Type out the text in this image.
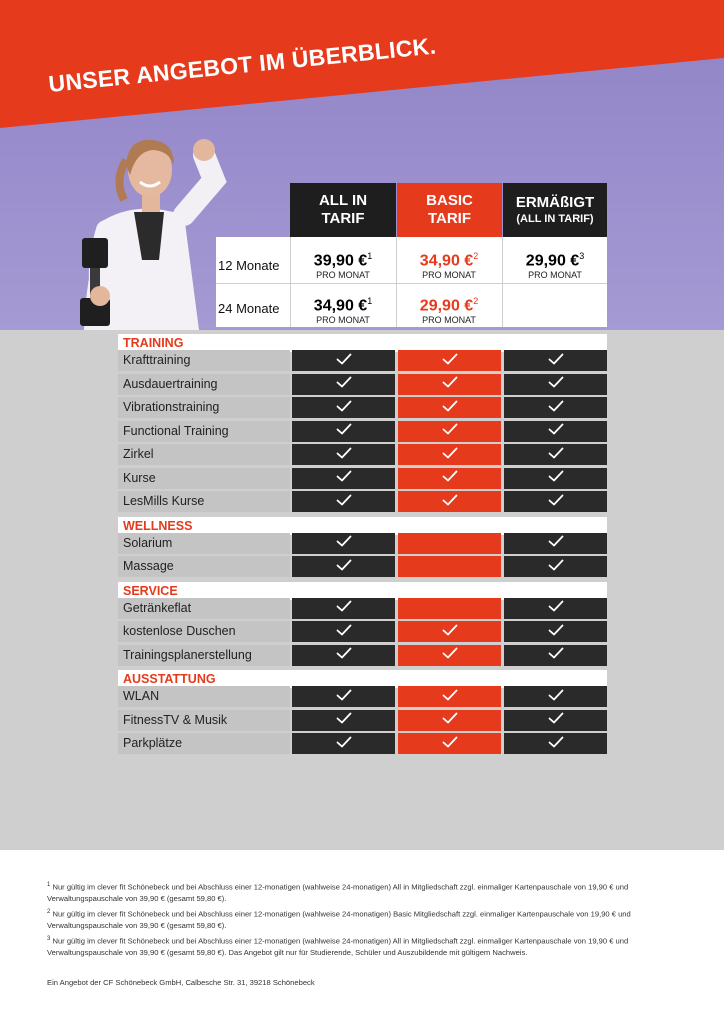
UNSER ANGEBOT IM ÜBERBLICK.
ALL IN
TARIF
BASIC
TARIF
ERMÄßIGT
(ALL IN TARIF)
12 Monate
24 Monate
39,90 €$^1$
PRO MONAT
34,90 €$^2$
PRO MONAT
29,90 €$^3$
PRO MONAT
34,90 €$^1$
PRO MONAT
29,90 €$^2$
PRO MONAT
TRAINING
Krafttraining
Ausdauertraining
Vibrationstraining
Functional Training
Zirkel
Kurse
LesMills Kurse
WELLNESS
Solarium
Massage
SERVICE
Getränkeflat
kostenlose Duschen
Trainingsplanerstellung
AUSSTATTUNG
WLAN
FitnessTV & Musik
Parkplätze
$^1$ Nur gültig im clever fit Schönebeck und bei Abschluss einer 12-monatigen (wahlweise 24-monatigen) All in Mitgliedschaft zzgl. einmaliger Kartenpauschale von 19,90 € und Verwaltungspauschale von 39,90 € (gesamt 59,80 €).
$^2$ Nur gültig im clever fit Schönebeck und bei Abschluss einer 12-monatigen (wahlweise 24-monatigen) Basic Mitgliedschaft zzgl. einmaliger Kartenpauschale von 19,90 € und Verwaltungspauschale von 39,90 € (gesamt 59,80 €).
$^3$ Nur gültig im clever fit Schönebeck und bei Abschluss einer 12-monatigen (wahlweise 24-monatigen) All in Mitgliedschaft zzgl. einmaliger Kartenpauschale von 19,90 € und Verwaltungspauschale von 39,90 € (gesamt 59,80 €). Das Angebot gilt nur für Studierende, Schüler und Auszubildende mit gültigem Nachweis.
Ein Angebot der CF Schönebeck GmbH, Calbesche Str. 31, 39218 Schönebeck
